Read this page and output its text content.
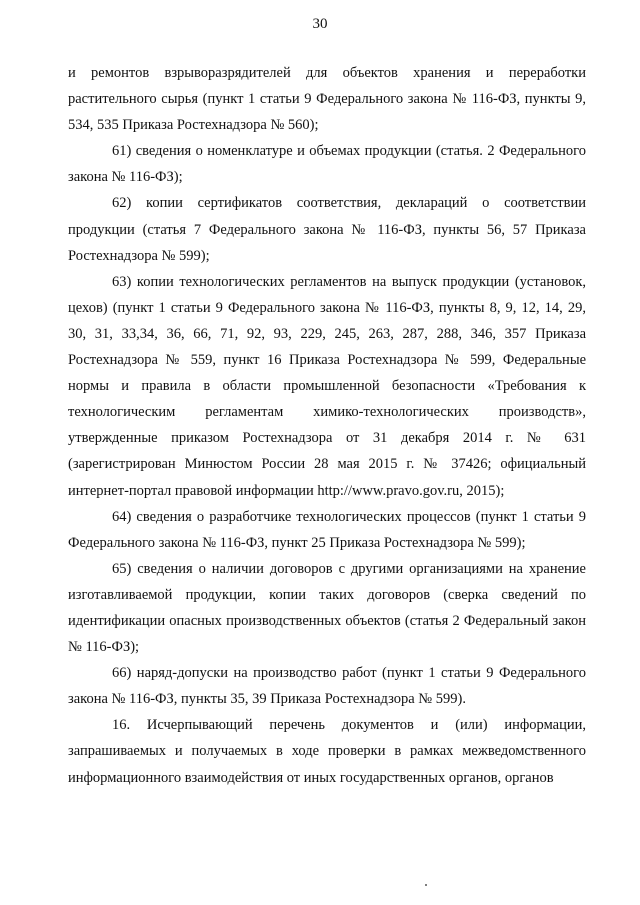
30

и ремонтов взрыворазрядителей для объектов хранения и переработки растительного сырья (пункт 1 статьи 9 Федерального закона № 116-ФЗ, пункты 9, 534, 535 Приказа Ростехнадзора № 560);

61) сведения о номенклатуре и объемах продукции (статья. 2 Федерального закона № 116-ФЗ);

62) копии сертификатов соответствия, деклараций о соответствии продукции (статья 7 Федерального закона № 116-ФЗ, пункты 56, 57 Приказа Ростехнадзора № 599);

63) копии технологических регламентов на выпуск продукции (установок, цехов) (пункт 1 статьи 9 Федерального закона № 116-ФЗ, пункты 8, 9, 12, 14, 29, 30, 31, 33,34, 36, 66, 71, 92, 93, 229, 245, 263, 287, 288, 346, 357 Приказа Ростехнадзора № 559, пункт 16 Приказа Ростехнадзора № 599, Федеральные нормы и правила в области промышленной безопасности «Требования к технологическим регламентам химико-технологических производств», утвержденные приказом Ростехнадзора от 31 декабря 2014 г. № 631 (зарегистрирован Минюстом России 28 мая 2015 г. № 37426; официальный интернет-портал правовой информации http://www.pravo.gov.ru, 2015);

64) сведения о разработчике технологических процессов (пункт 1 статьи 9 Федерального закона № 116-ФЗ, пункт 25 Приказа Ростехнадзора № 599);

65) сведения о наличии договоров с другими организациями на хранение изготавливаемой продукции, копии таких договоров (сверка сведений по идентификации опасных производственных объектов (статья 2 Федеральный закон № 116-ФЗ);

66) наряд-допуски на производство работ (пункт 1 статьи 9 Федерального закона № 116-ФЗ, пункты 35, 39 Приказа Ростехнадзора № 599).

16. Исчерпывающий перечень документов и (или) информации, запрашиваемых и получаемых в ходе проверки в рамках межведомственного информационного взаимодействия от иных государственных органов, органов
